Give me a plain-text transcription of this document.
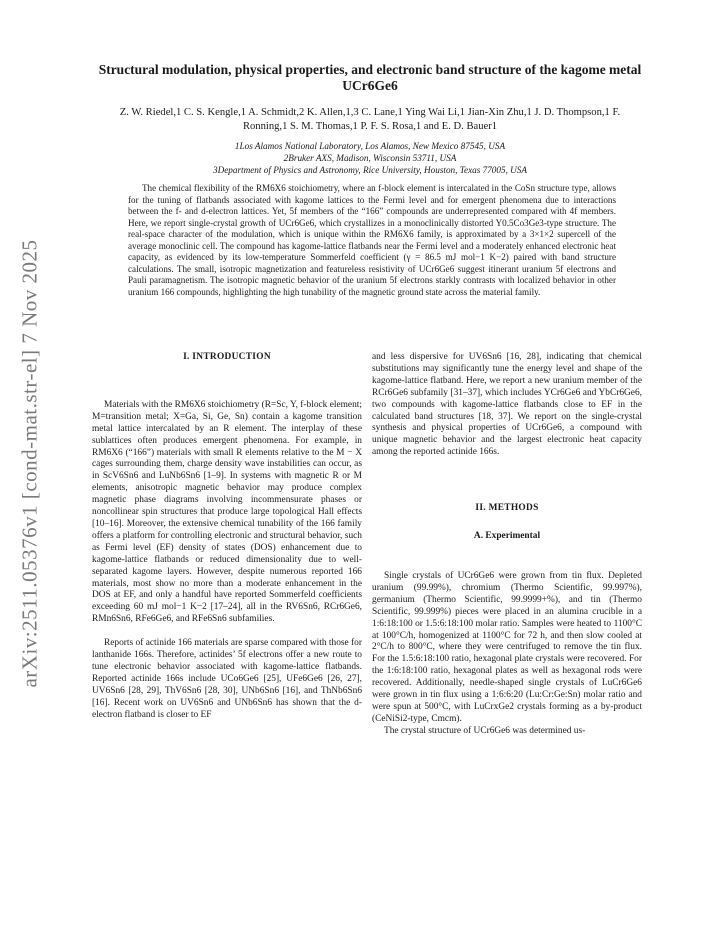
arXiv:2511.05376v1 [cond-mat.str-el] 7 Nov 2025
Structural modulation, physical properties, and electronic band structure of the kagome metal UCr6Ge6
Z. W. Riedel,1 C. S. Kengle,1 A. Schmidt,2 K. Allen,1,3 C. Lane,1 Ying Wai Li,1 Jian-Xin Zhu,1 J. D. Thompson,1 F. Ronning,1 S. M. Thomas,1 P. F. S. Rosa,1 and E. D. Bauer1
1Los Alamos National Laboratory, Los Alamos, New Mexico 87545, USA
2Bruker AXS, Madison, Wisconsin 53711, USA
3Department of Physics and Astronomy, Rice University, Houston, Texas 77005, USA

The chemical flexibility of the RM6X6 stoichiometry, where an f-block element is intercalated in the CoSn structure type, allows for the tuning of flatbands associated with kagome lattices to the Fermi level and for emergent phenomena due to interactions between the f- and d-electron lattices. Yet, 5f members of the “166” compounds are underrepresented compared with 4f members. Here, we report single-crystal growth of UCr6Ge6, which crystallizes in a monoclinically distorted Y0.5Co3Ge3-type structure. The real-space character of the modulation, which is unique within the RM6X6 family, is approximated by a 3×1×2 supercell of the average monoclinic cell. The compound has kagome-lattice flatbands near the Fermi level and a moderately enhanced electronic heat capacity, as evidenced by its low-temperature Sommerfeld coefficient (γ = 86.5 mJ mol−1 K−2) paired with band structure calculations. The small, isotropic magnetization and featureless resistivity of UCr6Ge6 suggest itinerant uranium 5f electrons and Pauli paramagnetism. The isotropic magnetic behavior of the uranium 5f electrons starkly contrasts with localized behavior in other uranium 166 compounds, highlighting the high tunability of the magnetic ground state across the material family.

I. INTRODUCTION

Materials with the RM6X6 stoichiometry (R=Sc, Y, f-block element; M=transition metal; X=Ga, Si, Ge, Sn) contain a kagome transition metal lattice intercalated by an R element. The interplay of these sublattices often produces emergent phenomena. For example, in RM6X6 (“166”) materials with small R elements relative to the M − X cages surrounding them, charge density wave instabilities can occur, as in ScV6Sn6 and LuNb6Sn6 [1–9]. In systems with magnetic R or M elements, anisotropic magnetic behavior may produce complex magnetic phase diagrams involving incommensurate phases or noncollinear spin structures that produce large topological Hall effects [10–16]. Moreover, the extensive chemical tunability of the 166 family offers a platform for controlling electronic and structural behavior, such as Fermi level (EF) density of states (DOS) enhancement due to kagome-lattice flatbands or reduced dimensionality due to well-separated kagome layers. However, despite numerous reported 166 materials, most show no more than a moderate enhancement in the DOS at EF, and only a handful have reported Sommerfeld coefficients exceeding 60 mJ mol−1 K−2 [17–24], all in the RV6Sn6, RCr6Ge6, RMn6Sn6, RFe6Ge6, and RFe6Sn6 subfamilies.

Reports of actinide 166 materials are sparse compared with those for lanthanide 166s. Therefore, actinides’ 5f electrons offer a new route to tune electronic behavior associated with kagome-lattice flatbands. Reported actinide 166s include UCo6Ge6 [25], UFe6Ge6 [26, 27], UV6Sn6 [28, 29], ThV6Sn6 [28, 30], UNb6Sn6 [16], and ThNb6Sn6 [16]. Recent work on UV6Sn6 and UNb6Sn6 has shown that the d-electron flatband is closer to EF

and less dispersive for UV6Sn6 [16, 28], indicating that chemical substitutions may significantly tune the energy level and shape of the kagome-lattice flatband. Here, we report a new uranium member of the RCr6Ge6 subfamily [31–37], which includes YCr6Ge6 and YbCr6Ge6, two compounds with kagome-lattice flatbands close to EF in the calculated band structures [18, 37]. We report on the single-crystal synthesis and physical properties of UCr6Ge6, a compound with unique magnetic behavior and the largest electronic heat capacity among the reported actinide 166s.

II. METHODS
A. Experimental

Single crystals of UCr6Ge6 were grown from tin flux. Depleted uranium (99.99%), chromium (Thermo Scientific, 99.997%), germanium (Thermo Scientific, 99.9999+%), and tin (Thermo Scientific, 99.999%) pieces were placed in an alumina crucible in a 1:6:18:100 or 1.5:6:18:100 molar ratio. Samples were heated to 1100°C at 100°C/h, homogenized at 1100°C for 72 h, and then slow cooled at 2°C/h to 800°C, where they were centrifuged to remove the tin flux. For the 1.5:6:18:100 ratio, hexagonal plate crystals were recovered. For the 1:6:18:100 ratio, hexagonal plates as well as hexagonal rods were recovered. Additionally, needle-shaped single crystals of LuCr6Ge6 were grown in tin flux using a 1:6:6:20 (Lu:Cr:Ge:Sn) molar ratio and were spun at 500°C, with LuCrxGe2 crystals forming as a by-product (CeNiSi2-type, Cmcm).

The crystal structure of UCr6Ge6 was determined us-
